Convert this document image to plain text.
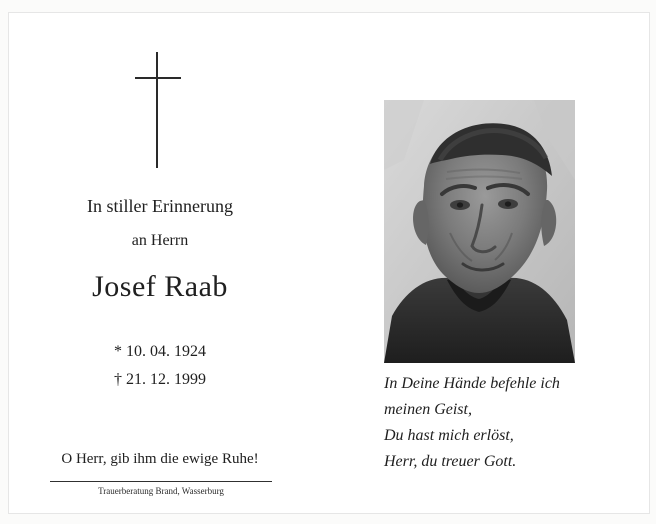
In stiller Erinnerung
an Herrn
Josef Raab
* 10. 04. 1924
† 21. 12. 1999
O Herr, gib ihm die ewige Ruhe!
Trauerberatung Brand, Wasserburg
In Deine Hände befehle ich
meinen Geist,
Du hast mich erlöst,
Herr, du treuer Gott.
